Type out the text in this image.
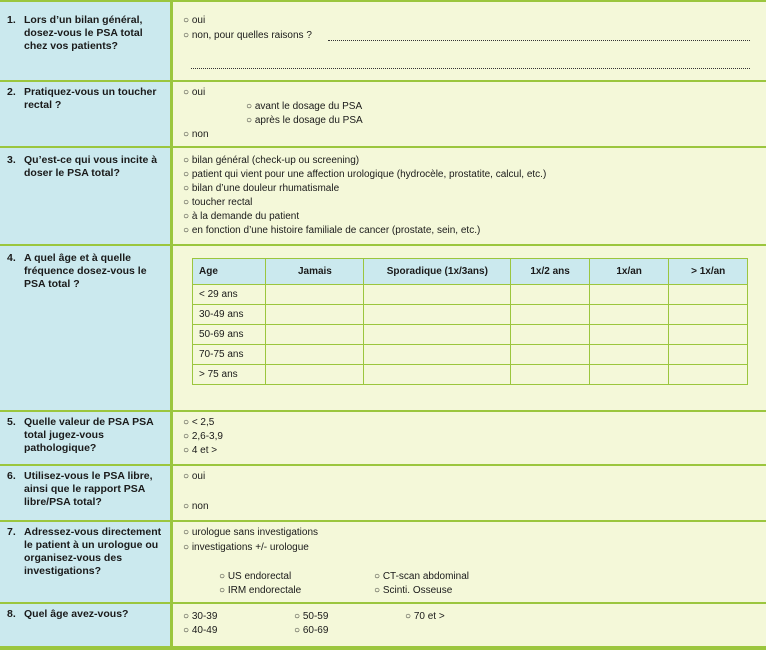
1. Lors d’un bilan général, dosez-vous le PSA total chez vos patients?
○ oui
○ non, pour quelles raisons ?
2. Pratiquez-vous un toucher rectal ?
○ oui
○ avant le dosage du PSA
○ après le dosage du PSA
○ non
3. Qu’est-ce qui vous incite à doser le PSA total?
○ bilan général (check-up ou screening)
○ patient qui vient pour une affection urologique (hydrocèle, prostatite, calcul, etc.)
○ bilan d’une douleur rhumatismale
○ toucher rectal
○ à la demande du patient
○ en fonction d’une histoire familiale de cancer (prostate, sein, etc.)
4. A quel âge et à quelle fréquence dosez-vous le PSA total ?
Age	Jamais	Sporadique (1x/3ans)	1x/2 ans	1x/an	> 1x/an
< 29 ans					
30-49 ans					
50-69 ans					
70-75 ans					
> 75 ans					
5. Quelle valeur de PSA PSA total jugez-vous pathologique?
○ < 2,5
○ 2,6-3,9
○ 4 et >
6. Utilisez-vous le PSA libre, ainsi que le rapport PSA libre/PSA total?
○ oui
○ non
7. Adressez-vous directement le patient à un urologue ou organisez-vous des investigations?
○ urologue sans investigations
○ investigations +/- urologue
○ US endorectal
○ IRM endorectale
○ CT-scan abdominal
○ Scinti. Osseuse
8. Quel âge avez-vous?	○ 30-39
○ 40-49
○ 50-59
○ 60-69
○ 70 et >
